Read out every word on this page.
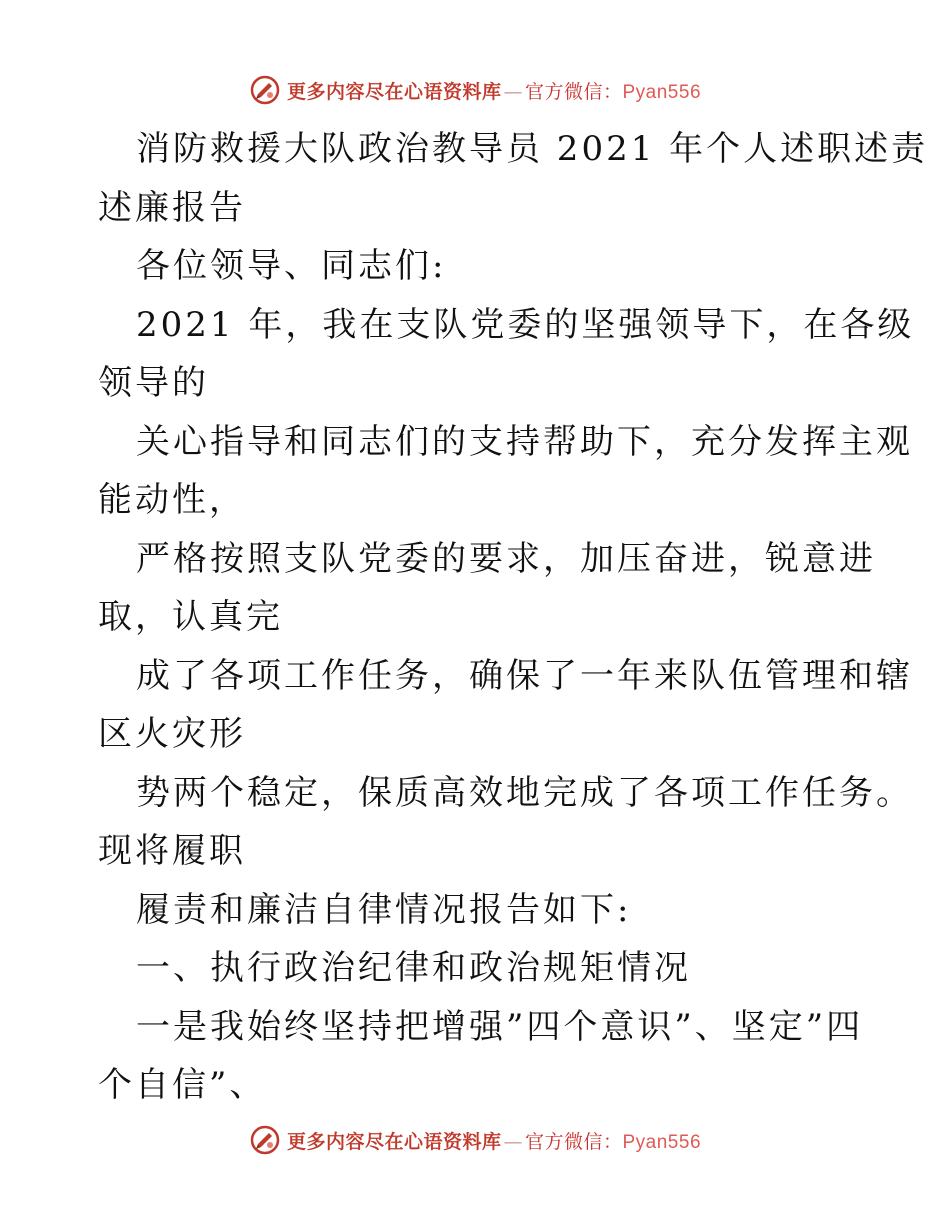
更多内容尽在心语资料库 — 官方微信：Pyan556
消防救援大队政治教导员 2021 年个人述职述责
述廉报告
各位领导、同志们:
2021 年，我在支队党委的坚强领导下，在各级
领导的
关心指导和同志们的支持帮助下，充分发挥主观
能动性，
严格按照支队党委的要求，加压奋进，锐意进
取，认真完
成了各项工作任务，确保了一年来队伍管理和辖
区火灾形
势两个稳定，保质高效地完成了各项工作任务。
现将履职
履责和廉洁自律情况报告如下:
一、执行政治纪律和政治规矩情况
一是我始终坚持把增强”四个意识”、坚定”四
个自信”、
更多内容尽在心语资料库 — 官方微信：Pyan556
